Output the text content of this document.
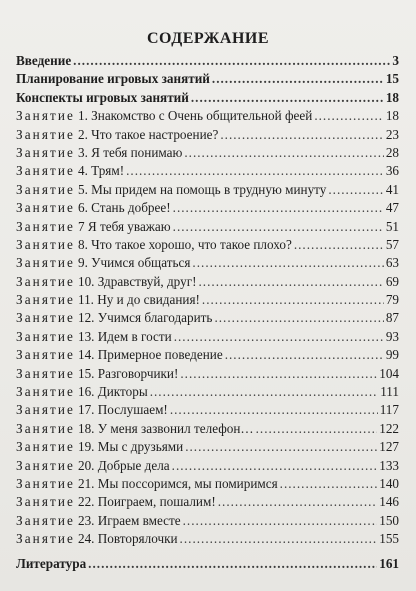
СОДЕРЖАНИЕ
Введение .....	3
Планирование игровых занятий .....	15
Конспекты игровых занятий .....	18
Занятие 1. Знакомство с Очень общительной феей .....	18
Занятие 2. Что такое настроение? .....	23
Занятие 3. Я тебя понимаю .....	28
Занятие 4. Трям! .....	36
Занятие 5. Мы придем на помощь в трудную минуту .....	41
Занятие 6. Стань добрее! .....	47
Занятие 7 Я тебя уважаю .....	51
Занятие 8. Что такое хорошо, что такое плохо? .....	57
Занятие 9. Учимся общаться .....	63
Занятие 10. Здравствуй, друг! .....	69
Занятие 11. Ну и до свидания! .....	79
Занятие 12. Учимся благодарить .....	87
Занятие 13. Идем в гости .....	93
Занятие 14. Примерное поведение .....	99
Занятие 15. Разговорчики! .....	104
Занятие 16. Дикторы .....	111
Занятие 17. Послушаем! .....	117
Занятие 18. У меня зазвонил телефон… .....	122
Занятие 19. Мы с друзьями .....	127
Занятие 20. Добрые дела .....	133
Занятие 21. Мы поссоримся, мы помиримся .....	140
Занятие 22. Поиграем, пошалим! .....	146
Занятие 23. Играем вместе .....	150
Занятие 24. Повторялочки .....	155
Литература .....	161
